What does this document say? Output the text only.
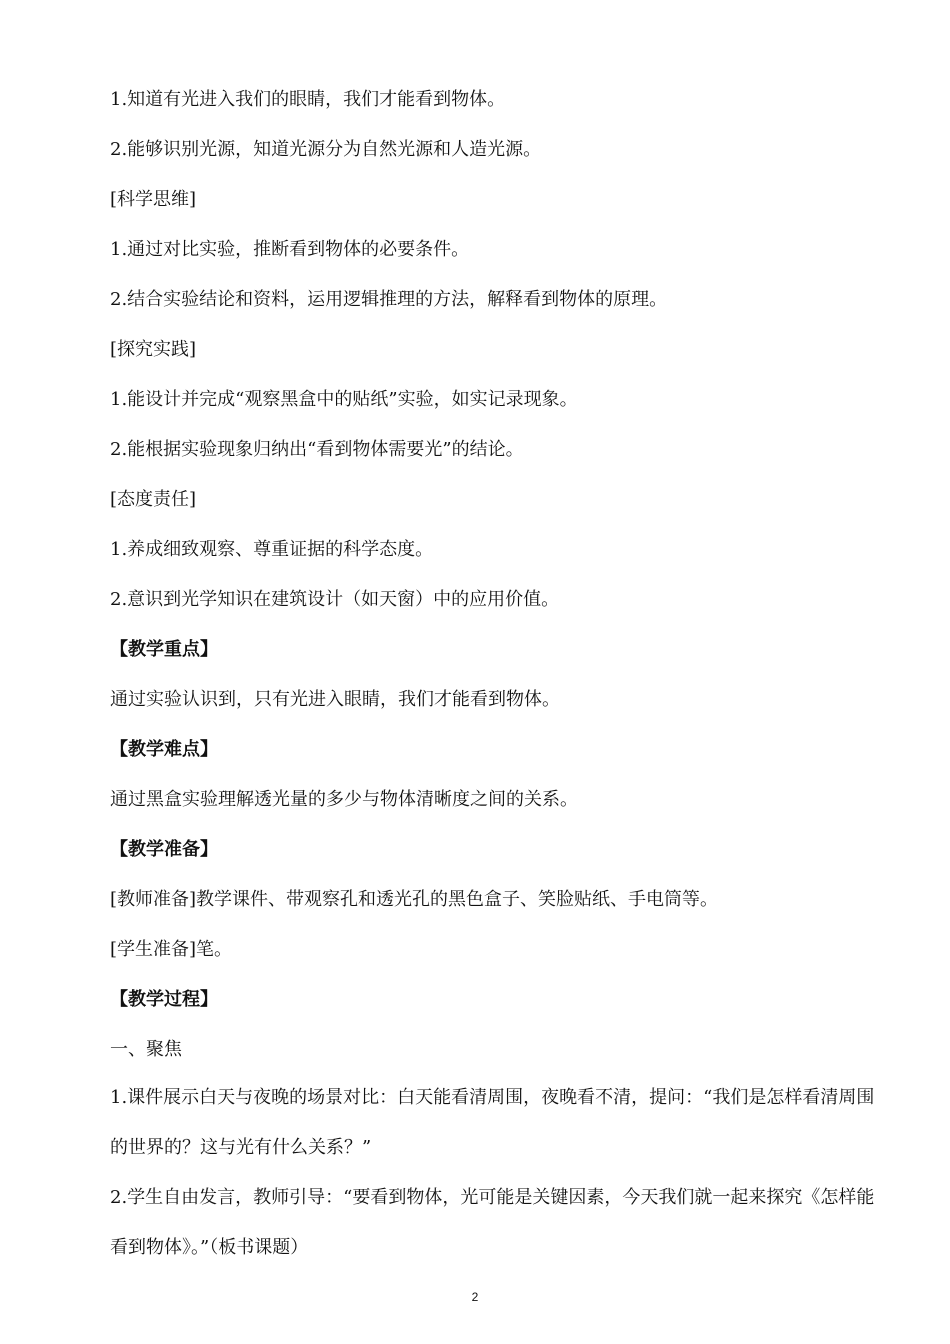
1.知道有光进入我们的眼睛，我们才能看到物体。
2.能够识别光源，知道光源分为自然光源和人造光源。
[科学思维]
1.通过对比实验，推断看到物体的必要条件。
2.结合实验结论和资料，运用逻辑推理的方法，解释看到物体的原理。
[探究实践]
1.能设计并完成“观察黑盒中的贴纸”实验，如实记录现象。
2.能根据实验现象归纳出“看到物体需要光”的结论。
[态度责任]
1.养成细致观察、尊重证据的科学态度。
2.意识到光学知识在建筑设计（如天窗）中的应用价值。
【教学重点】
通过实验认识到，只有光进入眼睛，我们才能看到物体。
【教学难点】
通过黑盒实验理解透光量的多少与物体清晰度之间的关系。
【教学准备】
[教师准备]教学课件、带观察孔和透光孔的黑色盒子、笑脸贴纸、手电筒等。
[学生准备]笔。
【教学过程】
一、聚焦
1.课件展示白天与夜晚的场景对比：白天能看清周围，夜晚看不清，提问：“我们是怎样看清周围的世界的？这与光有什么关系？”
2.学生自由发言，教师引导：“要看到物体，光可能是关键因素，今天我们就一起来探究《怎样能看到物体》。”（板书课题）
2
